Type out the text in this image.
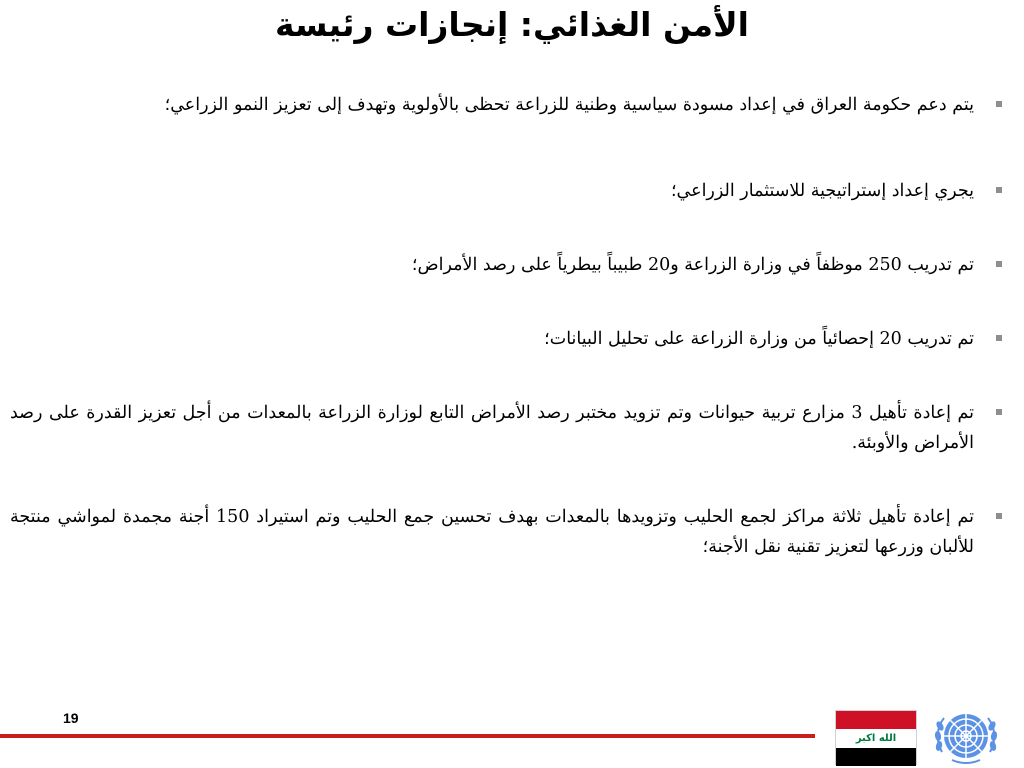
الأمن الغذائي: إنجازات رئيسة
يتم دعم حكومة العراق في إعداد مسودة سياسية وطنية للزراعة تحظى بالأولوية وتهدف إلى تعزيز النمو الزراعي؛
يجري إعداد إستراتيجية للاستثمار الزراعي؛
تم تدريب 250 موظفاً في وزارة الزراعة و20 طبيباً بيطرياً على رصد الأمراض؛
تم تدريب 20 إحصائياً من وزارة الزراعة على تحليل البيانات؛
تم إعادة تأهيل 3 مزارع تربية حيوانات وتم تزويد مختبر رصد الأمراض التابع لوزارة الزراعة بالمعدات من أجل تعزيز القدرة على رصد الأمراض والأوبئة.
تم إعادة تأهيل ثلاثة مراكز لجمع الحليب وتزويدها بالمعدات بهدف تحسين جمع الحليب وتم استيراد 150 أجنة مجمدة لمواشي منتجة للألبان وزرعها لتعزيز تقنية نقل الأجنة؛
19
الله اكبر
